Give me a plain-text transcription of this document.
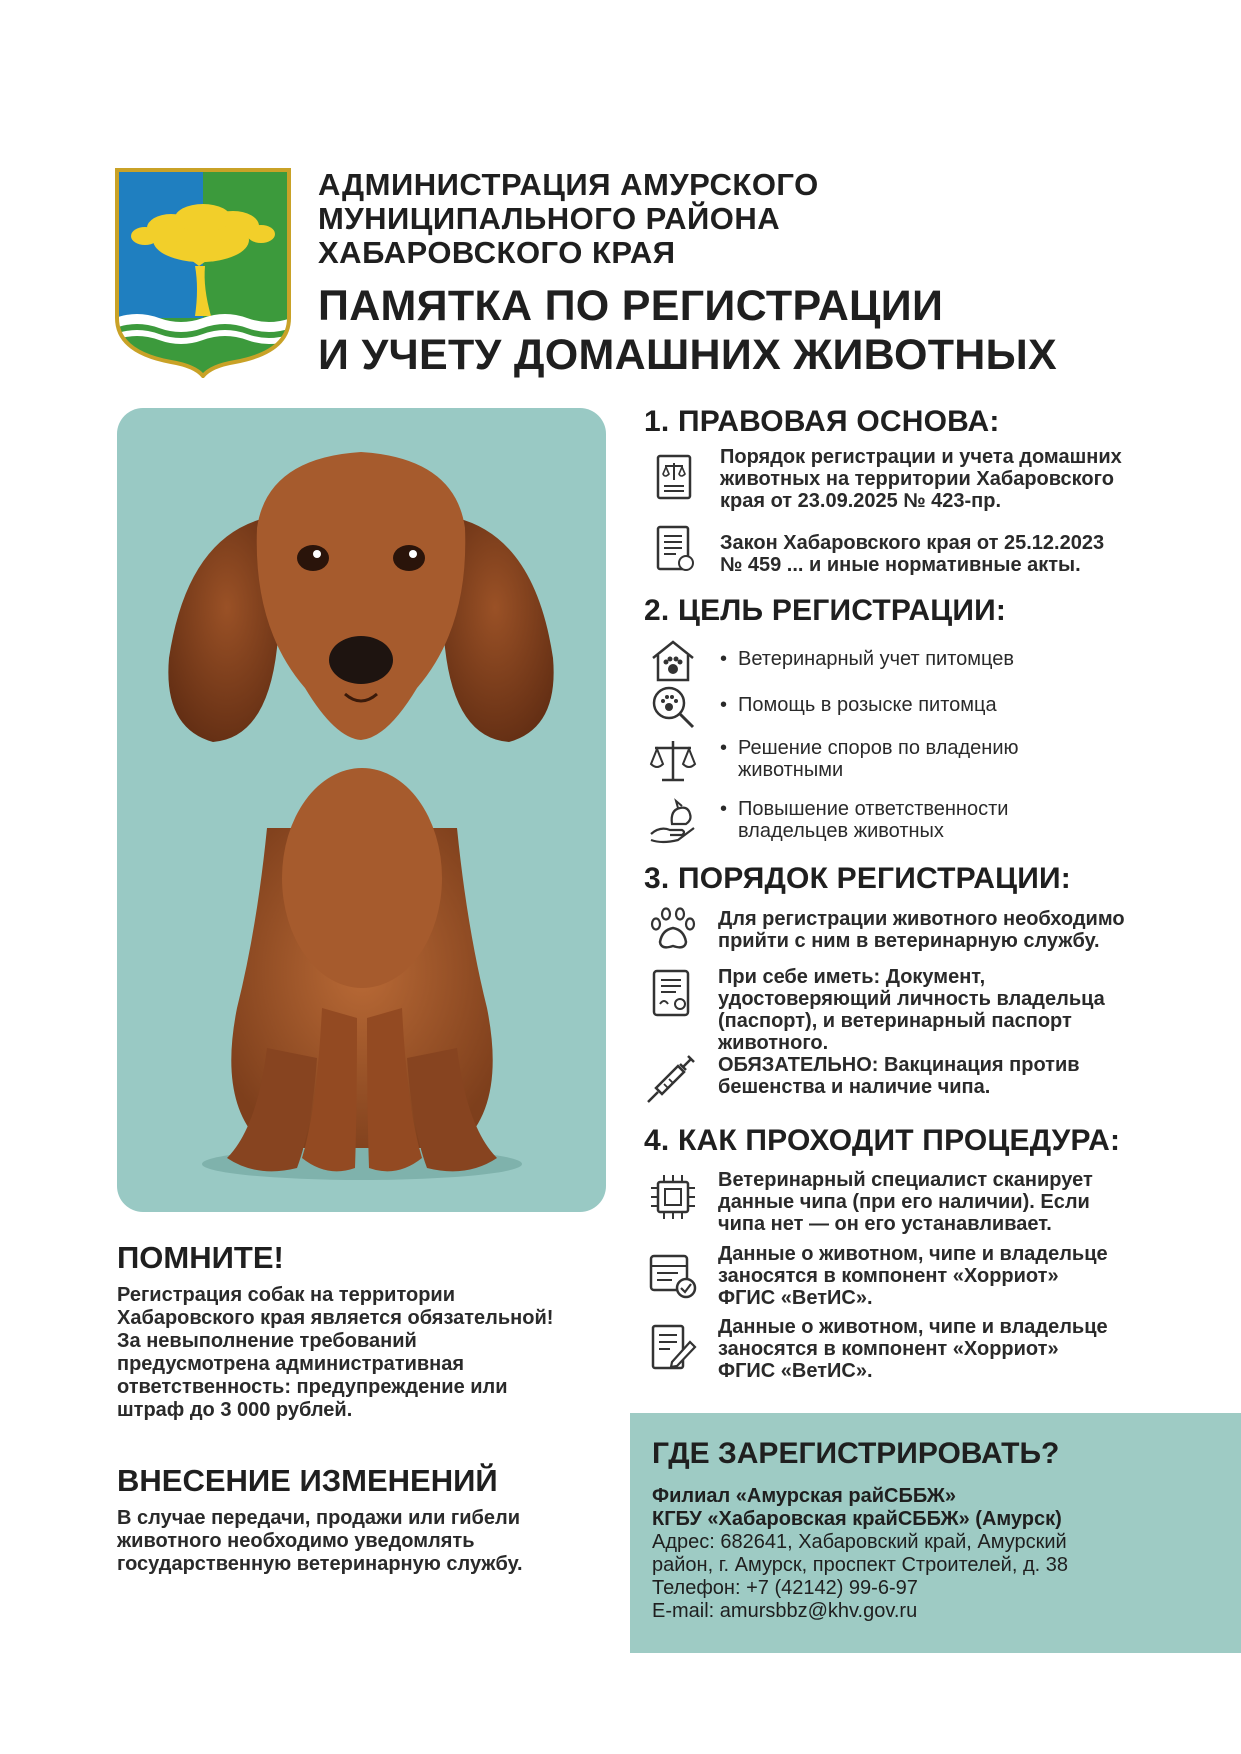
АДМИНИСТРАЦИЯ АМУРСКОГО
МУНИЦИПАЛЬНОГО РАЙОНА
ХАБАРОВСКОГО КРАЯ
ПАМЯТКА ПО РЕГИСТРАЦИИ
И УЧЕТУ ДОМАШНИХ ЖИВОТНЫХ
1. ПРАВОВАЯ ОСНОВА:
Порядок регистрации и учета домашних
животных на территории Хабаровского
края от 23.09.2025 № 423-пр.
Закон Хабаровского края от 25.12.2023
№ 459 ... и иные нормативные акты.
2. ЦЕЛЬ РЕГИСТРАЦИИ:
• Ветеринарный учет питомцев
• Помощь в розыске питомца
• Решение споров по владению
животными
• Повышение ответственности
владельцев животных
3. ПОРЯДОК РЕГИСТРАЦИИ:
Для регистрации животного необходимо
прийти с ним в ветеринарную службу.
При себе иметь: Документ,
удостоверяющий личность владельца
(паспорт), и ветеринарный паспорт
животного.
ОБЯЗАТЕЛЬНО: Вакцинация против
бешенства и наличие чипа.
4. КАК ПРОХОДИТ ПРОЦЕДУРА:
Ветеринарный специалист сканирует
данные чипа (при его наличии). Если
чипа нет — он его устанавливает.
Данные о животном, чипе и владельце
заносятся в компонент «Хорриот»
ФГИС «ВетИС».
Данные о животном, чипе и владельце
заносятся в компонент «Хорриот»
ФГИС «ВетИС».
ПОМНИТЕ!
Регистрация собак на территории
Хабаровского края является обязательной!
За невыполнение требований
предусмотрена административная
ответственность: предупреждение или
штраф до 3 000 рублей.
ВНЕСЕНИЕ ИЗМЕНЕНИЙ
В случае передачи, продажи или гибели
животного необходимо уведомлять
государственную ветеринарную службу.
ГДЕ ЗАРЕГИСТРИРОВАТЬ?
Филиал «Амурская райСББЖ»
КГБУ «Хабаровская крайСББЖ» (Амурск)
Адрес: 682641, Хабаровский край, Амурский
район, г. Амурск, проспект Строителей, д. 38
Телефон: +7 (42142) 99-6-97
E-mail: amursbbz@khv.gov.ru
